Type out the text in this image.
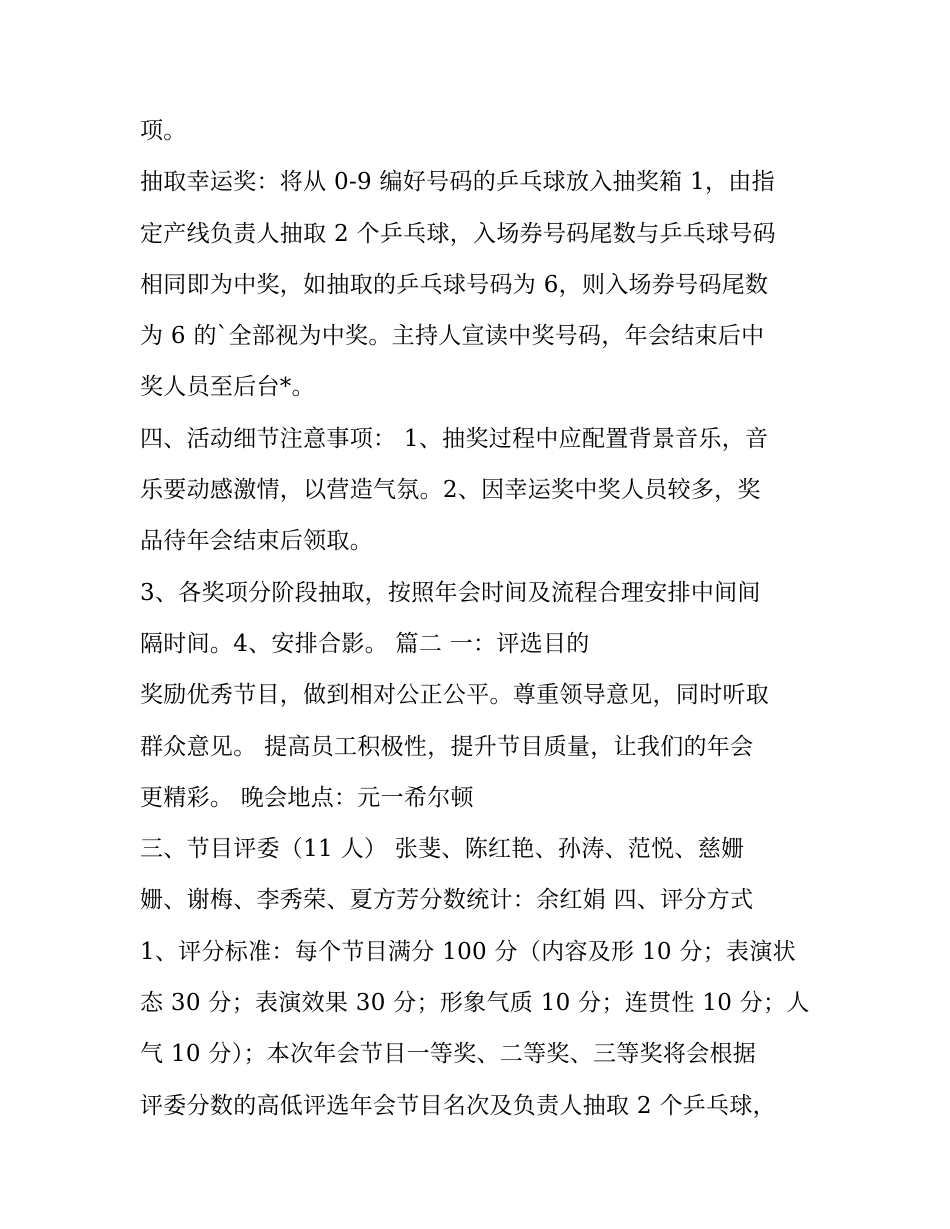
项。
抽取幸运奖：将从 0-9 编好号码的乒乓球放入抽奖箱 1，由指
定产线负责人抽取 2 个乒乓球，入场券号码尾数与乒乓球号码
相同即为中奖，如抽取的乒乓球号码为 6，则入场券号码尾数
为 6 的`全部视为中奖。主持人宣读中奖号码，年会结束后中
奖人员至后台*。
四、活动细节注意事项： 1、抽奖过程中应配置背景音乐，音
乐要动感激情，以营造气氛。2、因幸运奖中奖人员较多，奖
品待年会结束后领取。
3、各奖项分阶段抽取，按照年会时间及流程合理安排中间间
隔时间。4、安排合影。 篇二 一：评选目的
奖励优秀节目，做到相对公正公平。尊重领导意见，同时听取
群众意见。 提高员工积极性，提升节目质量，让我们的年会
更精彩。 晚会地点：元一希尔顿
三、节目评委（11 人） 张斐、陈红艳、孙涛、范悦、慈姗
姗、谢梅、李秀荣、夏方芳分数统计：余红娟 四、评分方式
1、评分标准：每个节目满分 100 分（内容及形 10 分；表演状
态 30 分；表演效果 30 分；形象气质 10 分；连贯性 10 分；人
气 10 分）；本次年会节目一等奖、二等奖、三等奖将会根据
评委分数的高低评选年会节目名次及负责人抽取 2 个乒乓球，
